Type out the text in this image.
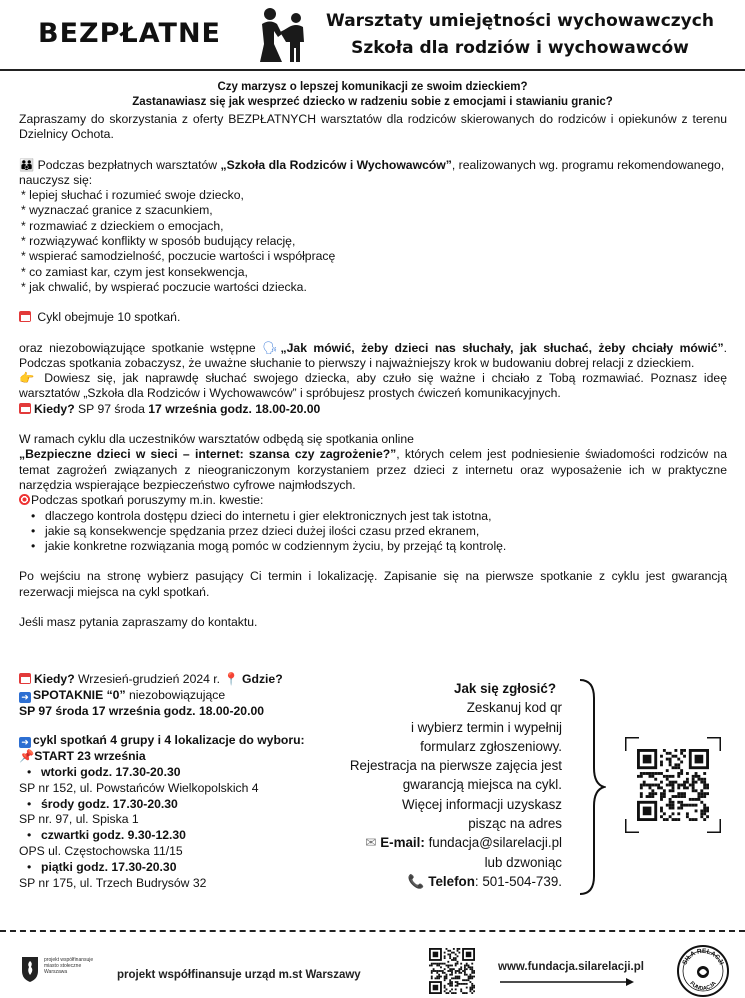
BEZPŁATNE	Warsztaty umiejętności wychowawczych
Szkoła dla rodziów i wychowawców
Czy marzysz o lepszej komunikacji ze swoim dzieckiem?
Zastanawiasz się jak wesprzeć dziecko w radzeniu sobie z emocjami i stawianiu granic?

Zapraszamy do skorzystania z oferty BEZPŁATNYCH warsztatów dla rodziców skierowanych do rodziców i opiekunów z terenu Dzielnicy Ochota.

👪 Podczas bezpłatnych warsztatów „Szkoła dla Rodziców i Wychowawców”, realizowanych wg. programu rekomendowanego, nauczysz się:

* lepiej słuchać i rozumieć swoje dziecko,

* wyznaczać granice z szacunkiem,

* rozmawiać z dzieckiem o emocjach,

* rozwiązywać konflikty w sposób budujący relację,

* wspierać samodzielność, poczucie wartości i współpracę

* co zamiast kar, czym jest konsekwencja,

* jak chwalić, by wspierać poczucie wartości dziecka.

Cykl obejmuje 10 spotkań.

oraz niezobowiązujące spotkanie wstępne 🗣„Jak mówić, żeby dzieci nas słuchały, jak słuchać, żeby chciały mówić”. Podczas spotkania zobaczysz, że uważne słuchanie to pierwszy i najważniejszy krok w budowaniu dobrej relacji z dzieckiem.

👉 Dowiesz się, jak naprawdę słuchać swojego dziecka, aby czuło się ważne i chciało z Tobą rozmawiać. Poznasz ideę warsztatów „Szkoła dla Rodziców i Wychowawców” i spróbujesz prostych ćwiczeń komunikacyjnych.

Kiedy? SP 97 środa 17 września godz. 18.00-20.00

W ramach cyklu dla uczestników warsztatów odbędą się spotkania online

„Bezpieczne dzieci w sieci – internet: szansa czy zagrożenie?”, których celem jest podniesienie świadomości rodziców na temat zagrożeń związanych z nieograniczonym korzystaniem przez dzieci z internetu oraz wyposażenie ich w praktyczne narzędzia wspierające bezpieczeństwo cyfrowe najmłodszych.

Podczas spotkań poruszymy m.in. kwestie:

• dlaczego kontrola dostępu dzieci do internetu i gier elektronicznych jest tak istotna,
• jakie są konsekwencje spędzania przez dzieci dużej ilości czasu przed ekranem,
• jakie konkretne rozwiązania mogą pomóc w codziennym życiu, by przejąć tą kontrolę.

Po wejściu na stronę wybierz pasujący Ci termin i lokalizację. Zapisanie się na pierwsze spotkanie z cyklu jest gwarancją rezerwacji miejsca na cykl spotkań.

Jeśli masz pytania zapraszamy do kontaktu.

Kiedy? Wrzesień-grudzień 2024 r. 📍 Gdzie?

➜ SPOTAKNIE “0” niezobowiązujące

SP 97 środa 17 września godz. 18.00-20.00

➜ cykl spotkań 4 grupy i 4 lokalizacje do wyboru:

📌START 23 września

• wtorki godz. 17.30-20.30

SP nr 152, ul. Powstańców Wielkopolskich 4

• środy godz. 17.30-20.30

SP nr. 97, ul. Spiska 1

• czwartki godz. 9.30-12.30

OPS ul. Częstochowska 11/15

• piątki godz. 17.30-20.30

SP nr 175, ul. Trzech Budrysów 32

Jak się zgłosić?

Zeskanuj kod qr

i wybierz termin i wypełnij

formularz zgłoszeniowy.

Rejestracja na pierwsze zajęcia jest

gwarancją miejsca na cykl.

Więcej informacji uzyskasz

pisząc na adres

✉ E-mail: fundacja@silarelacji.pl

lub dzwoniąc

📞 Telefon: 501-504-739.

projekt współfinansuje miasto stołeczne Warszawa	projekt współfinansuje urząd m.st Warszawy
www.fundacja.silarelacji.pl	SIŁA RELACJI
FUNDACJA
